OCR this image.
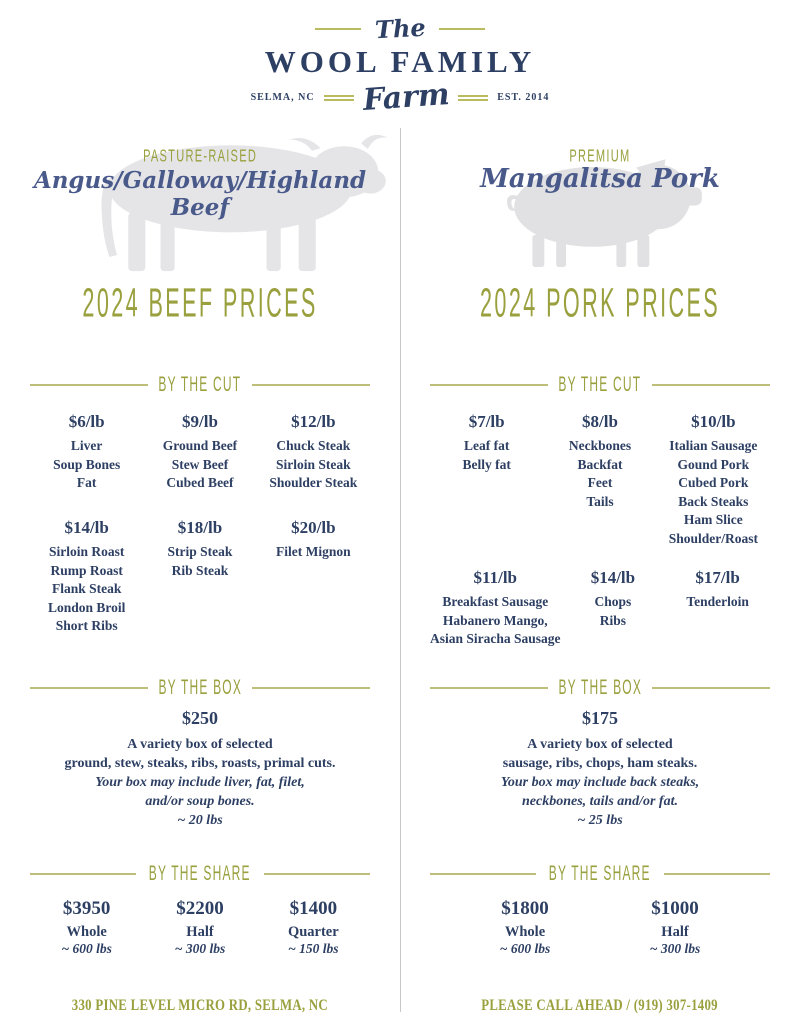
The
WOOL FAMILY
SELMA, NC Farm	EST. 2014
PASTURE-RAISED
Angus/Galloway/Highland Beef
2024 BEEF PRICES
BY THE CUT
$6/lb
Liver
Soup Bones
Fat
$9/lb
Ground Beef
Stew Beef
Cubed Beef
$12/lb
Chuck Steak
Sirloin Steak
Shoulder Steak
$14/lb
Sirloin Roast
Rump Roast
Flank Steak
London Broil
Short Ribs
$18/lb
Strip Steak
Rib Steak
$20/lb
Filet Mignon
BY THE BOX
$250
A variety box of selected
ground, stew, steaks, ribs, roasts, primal cuts.
Your box may include liver, fat, filet,
and/or soup bones.
~ 20 lbs
BY THE SHARE
$3950
Whole
~ 600 lbs
$2200
Half
~ 300 lbs
$1400
Quarter
~ 150 lbs
PREMIUM
Mangalitsa Pork
2024 PORK PRICES
BY THE CUT
$7/lb
Leaf fat
Belly fat
$8/lb
Neckbones
Backfat
Feet
Tails
$10/lb
Italian Sausage
Gound Pork
Cubed Pork
Back Steaks
Ham Slice
Shoulder/Roast
$11/lb
Breakfast Sausage
Habanero Mango,
Asian Siracha Sausage
$14/lb
Chops
Ribs
$17/lb
Tenderloin
BY THE BOX
$175
A variety box of selected
sausage, ribs, chops, ham steaks.
Your box may include back steaks,
neckbones, tails and/or fat.
~ 25 lbs
BY THE SHARE
$1800
Whole
~ 600 lbs
$1000
Half
~ 300 lbs
330 PINE LEVEL MICRO RD, SELMA, NC	PLEASE CALL AHEAD / (919) 307-1409
